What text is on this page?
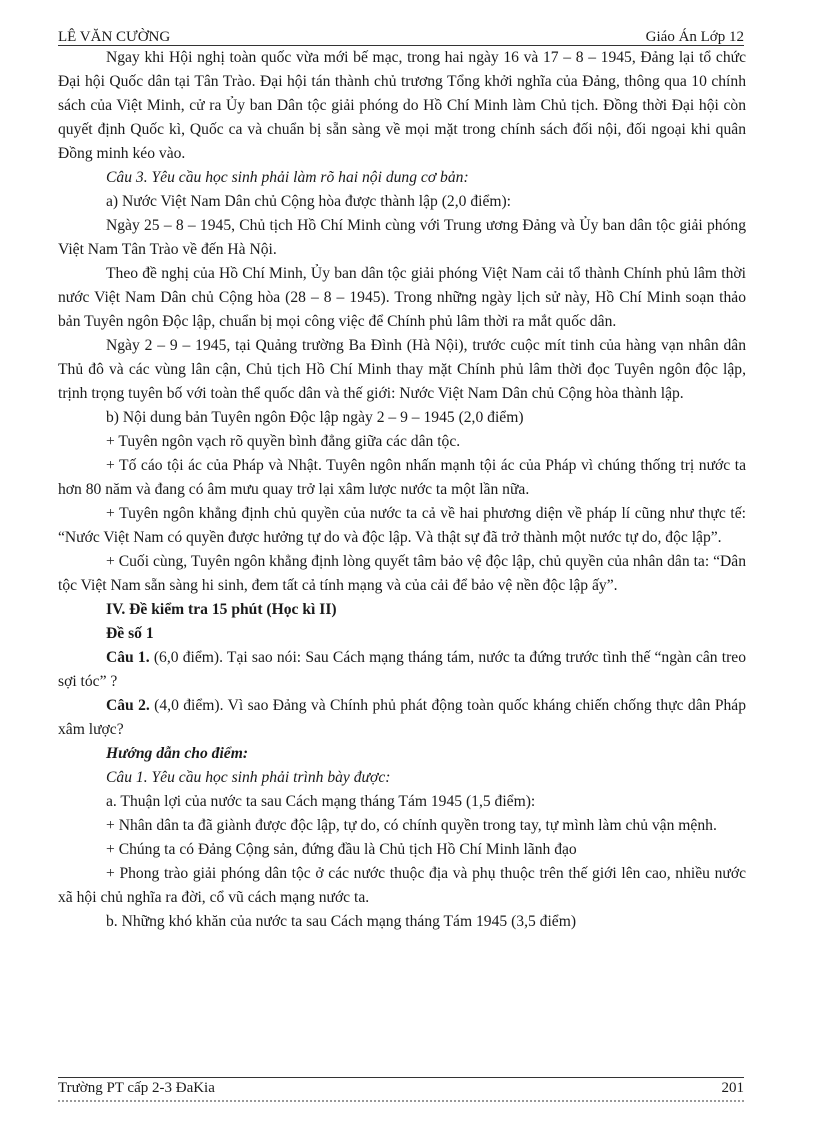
LÊ VĂN CƯỜNG	Giáo Án Lớp 12

Ngay khi Hội nghị toàn quốc vừa mới bế mạc, trong hai ngày 16 và 17 – 8 – 1945, Đảng lại tổ chức Đại hội Quốc dân tại Tân Trào. Đại hội tán thành chủ trương Tổng khởi nghĩa của Đảng, thông qua 10 chính sách của Việt Minh, cử ra Ủy ban Dân tộc giải phóng do Hồ Chí Minh làm Chủ tịch. Đồng thời Đại hội còn quyết định Quốc kì, Quốc ca và chuẩn bị sẵn sàng về mọi mặt trong chính sách đối nội, đối ngoại khi quân Đồng minh kéo vào.

Câu 3. Yêu cầu học sinh phải làm rõ hai nội dung cơ bản:

a) Nước Việt Nam Dân chủ Cộng hòa được thành lập (2,0 điểm):

Ngày 25 – 8 – 1945, Chủ tịch Hồ Chí Minh cùng với Trung ương Đảng và Ủy ban dân tộc giải phóng Việt Nam Tân Trào về đến Hà Nội.

Theo đề nghị của Hồ Chí Minh, Ủy ban dân tộc giải phóng Việt Nam cải tổ thành Chính phủ lâm thời nước Việt Nam Dân chủ Cộng hòa (28 – 8 – 1945). Trong những ngày lịch sử này, Hồ Chí Minh soạn thảo bản Tuyên ngôn Độc lập, chuẩn bị mọi công việc để Chính phủ lâm thời ra mắt quốc dân.

Ngày 2 – 9 – 1945, tại Quảng trường Ba Đình (Hà Nội), trước cuộc mít tinh của hàng vạn nhân dân Thủ đô và các vùng lân cận, Chủ tịch Hồ Chí Minh thay mặt Chính phủ lâm thời đọc Tuyên ngôn độc lập, trịnh trọng tuyên bố với toàn thể quốc dân và thế giới: Nước Việt Nam Dân chủ Cộng hòa thành lập.

b) Nội dung bản Tuyên ngôn Độc lập ngày 2 – 9 – 1945 (2,0 điểm)

+ Tuyên ngôn vạch rõ quyền bình đẳng giữa các dân tộc.

+ Tố cáo tội ác của Pháp và Nhật. Tuyên ngôn nhấn mạnh tội ác của Pháp vì chúng thống trị nước ta hơn 80 năm và đang có âm mưu quay trở lại xâm lược nước ta một lần nữa.

+ Tuyên ngôn khẳng định chủ quyền của nước ta cả về hai phương diện về pháp lí cũng như thực tế: “Nước Việt Nam có quyền được hưởng tự do và độc lập. Và thật sự đã trở thành một nước tự do, độc lập”.

+ Cuối cùng, Tuyên ngôn khẳng định lòng quyết tâm bảo vệ độc lập, chủ quyền của nhân dân ta: “Dân tộc Việt Nam sẵn sàng hi sinh, đem tất cả tính mạng và của cải để bảo vệ nền độc lập ấy”.

IV. Đề kiểm tra 15 phút (Học kì II)

Đề số 1

Câu 1. (6,0 điểm). Tại sao nói: Sau Cách mạng tháng tám, nước ta đứng trước tình thế “ngàn cân treo sợi tóc” ?

Câu 2. (4,0 điểm). Vì sao Đảng và Chính phủ phát động toàn quốc kháng chiến chống thực dân Pháp xâm lược?

Hướng dẫn cho điểm:

Câu 1. Yêu cầu học sinh phải trình bày được:

a. Thuận lợi của nước ta sau Cách mạng tháng Tám 1945 (1,5 điểm):

+ Nhân dân ta đã giành được độc lập, tự do, có chính quyền trong tay, tự mình làm chủ vận mệnh.

+ Chúng ta có Đảng Cộng sản, đứng đầu là Chủ tịch Hồ Chí Minh lãnh đạo

+ Phong trào giải phóng dân tộc ở các nước thuộc địa và phụ thuộc trên thế giới lên cao, nhiều nước xã hội chủ nghĩa ra đời, cổ vũ cách mạng nước ta.

b. Những khó khăn của nước ta sau Cách mạng tháng Tám 1945 (3,5 điểm)

Trường PT cấp 2-3 ĐaKia	201
